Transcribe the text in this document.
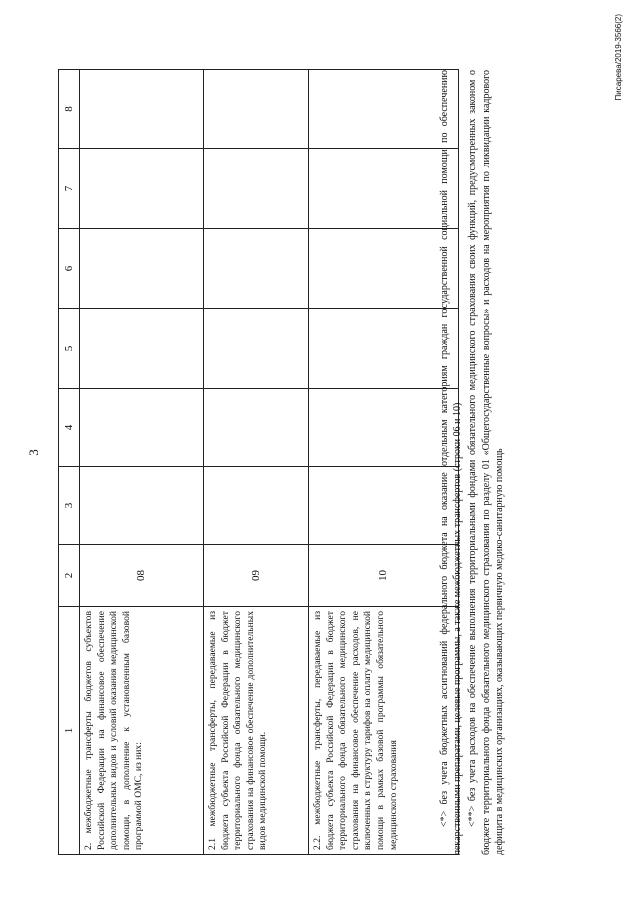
3
1	2	3	4	5	6	7	8
2. межбюджетные трансферты бюджетов субъектов Российской Федерации на финансовое обеспечение дополнительных видов и условий оказания медицинской помощи, в дополнение к установленным базовой программой ОМС, из них:	08						
2.1 межбюджетные трансферты, передаваемые из бюджета субъекта Российской Федерации в бюджет территориального фонда обязательного медицинского страхования на финансовое обеспечение дополнительных видов медицинской помощи.	09						
2.2. межбюджетные трансферты, передаваемые из бюджета субъекта Российской Федерации в бюджет территориального фонда обязательного медицинского страхования на финансовое обеспечение расходов, не включенных в структуру тарифов на оплату медицинской помощи в рамках базовой программы обязательного медицинского страхования	10							<*> без учета бюджетных ассигнований федерального бюджета на оказание отдельным категориям граждан государственной социальной помощи по обеспечению лекарственными препаратами, целевые программы, а также межбюджетных трансфертов (строки 06 и 10) <**> без учета расходов на обеспечение выполнения территориальными фондами обязательного медицинского страхования своих функций, предусмотренных законом о бюджете территориального фонда обязательного медицинского страхования по разделу 01 «Общегосударственные вопросы» и расходов на мероприятия по ликвидации кадрового дефицита в медицинских организациях, оказывающих первичную медико-санитарную помощь

Писарева/2019-3566(2)
